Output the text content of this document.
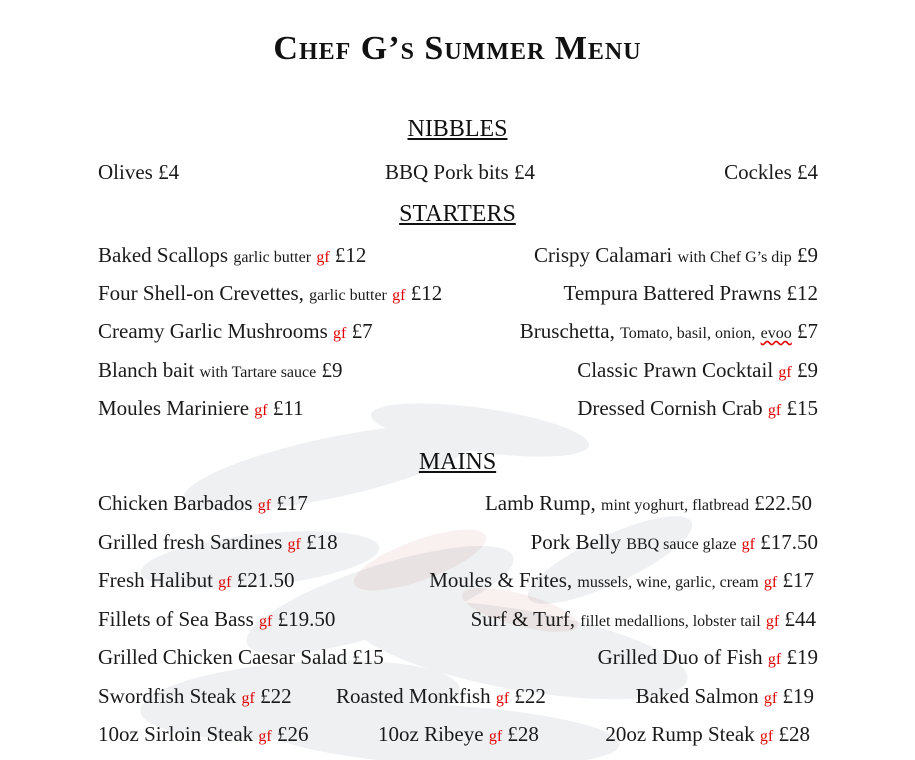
Chef G’s Summer Menu
NIBBLES
Olives £4	BBQ Pork bits £4	Cockles £4
STARTERS
Baked Scallops garlic butter gf £12	Crispy Calamari with Chef G’s dip £9
Four Shell-on Crevettes, garlic butter gf £12	Tempura Battered Prawns £12
Creamy Garlic Mushrooms gf £7	Bruschetta, Tomato, basil, onion, evoo £7
Blanch bait with Tartare sauce £9	Classic Prawn Cocktail gf £9
Moules Mariniere gf £11	Dressed Cornish Crab gf £15
MAINS
Chicken Barbados gf £17	Lamb Rump, mint yoghurt, flatbread £22.50
Grilled fresh Sardines gf £18	Pork Belly BBQ sauce glaze gf £17.50
Fresh Halibut gf £21.50	Moules & Frites, mussels, wine, garlic, cream gf £17
Fillets of Sea Bass gf £19.50	Surf & Turf, fillet medallions, lobster tail gf £44
Grilled Chicken Caesar Salad £15	Grilled Duo of Fish gf £19
Swordfish Steak gf £22 Roasted Monkfish gf £22	Baked Salmon gf £19
10oz Sirloin Steak gf £26	10oz Ribeye gf £28	20oz Rump Steak gf £28
